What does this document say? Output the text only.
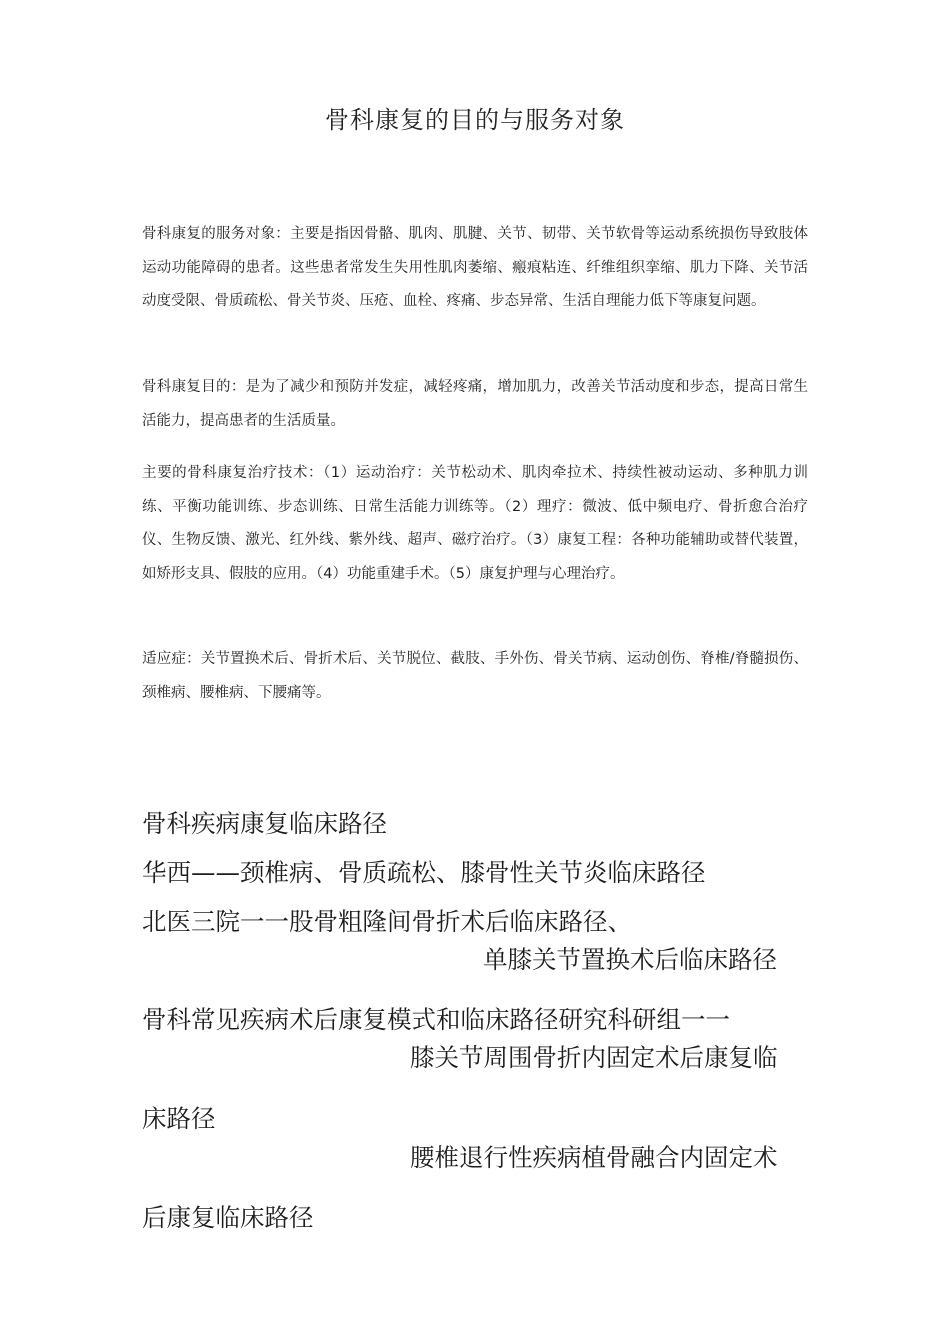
骨科康复的目的与服务对象

骨科康复的服务对象：主要是指因骨骼、肌肉、肌腱、关节、韧带、关节软骨等运动系统损伤导致肢体运动功能障碍的患者。这些患者常发生失用性肌肉萎缩、瘢痕粘连、纤维组织挛缩、肌力下降、关节活动度受限、骨质疏松、骨关节炎、压疮、血栓、疼痛、步态异常、生活自理能力低下等康复问题。

骨科康复目的：是为了减少和预防并发症，减轻疼痛，增加肌力，改善关节活动度和步态，提高日常生活能力，提高患者的生活质量。

主要的骨科康复治疗技术：（1）运动治疗：关节松动术、肌肉牵拉术、持续性被动运动、多种肌力训练、平衡功能训练、步态训练、日常生活能力训练等。（2）理疗：微波、低中频电疗、骨折愈合治疗仪、生物反馈、激光、红外线、紫外线、超声、磁疗治疗。（3）康复工程：各种功能辅助或替代装置，如矫形支具、假肢的应用。（4）功能重建手术。（5）康复护理与心理治疗。

适应症：关节置换术后、骨折术后、关节脱位、截肢、手外伤、骨关节病、运动创伤、脊椎/脊髓损伤、颈椎病、腰椎病、下腰痛等。

骨科疾病康复临床路径

华西——颈椎病、骨质疏松、膝骨性关节炎临床路径

北医三院一一股骨粗隆间骨折术后临床路径、

单膝关节置换术后临床路径

骨科常见疾病术后康复模式和临床路径研究科研组一一

膝关节周围骨折内固定术后康复临

床路径

腰椎退行性疾病植骨融合内固定术

后康复临床路径
